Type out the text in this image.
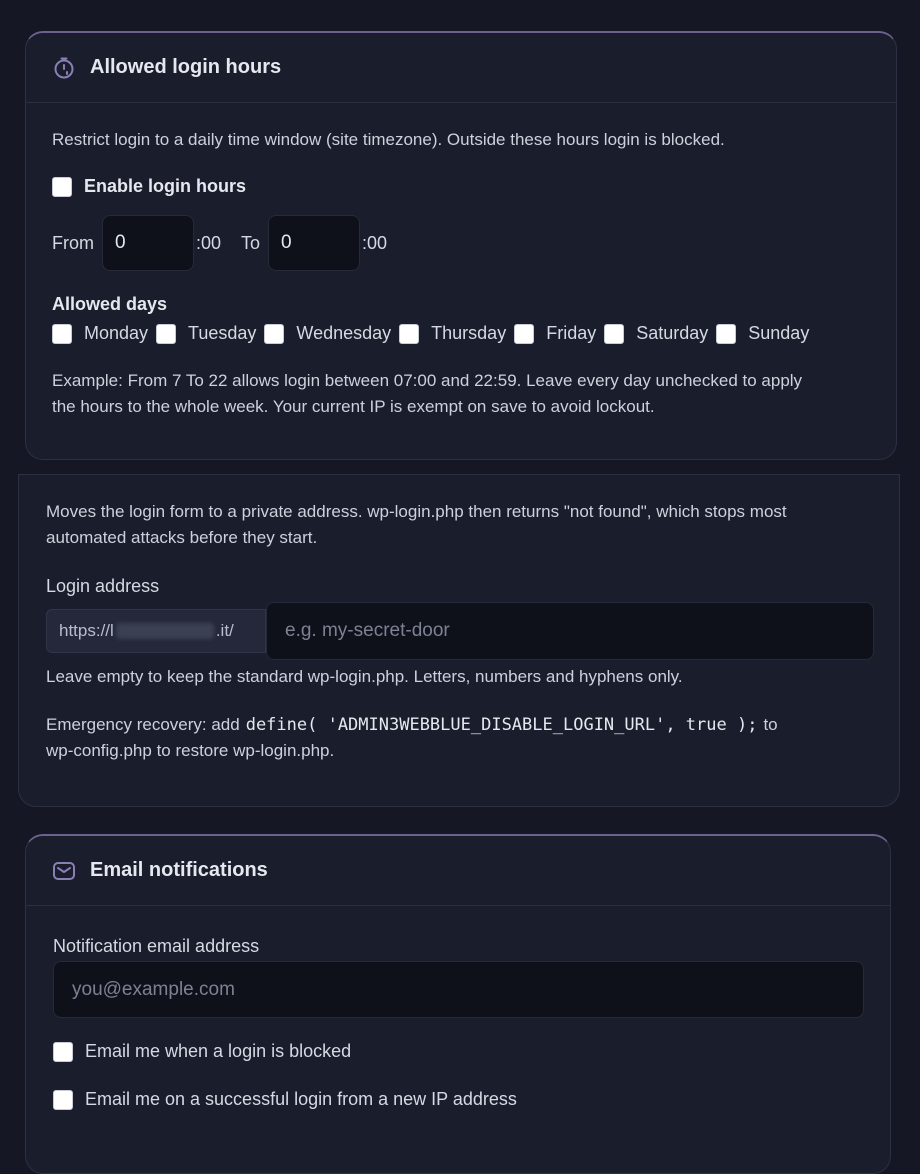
Allowed login hours
Restrict login to a daily time window (site timezone). Outside these hours login is blocked.
Enable login hours
From
0	:00 To
0	:00
Allowed days
Monday Tuesday Wednesday Thursday Friday Saturday Sunday
Example: From 7 To 22 allows login between 07:00 and 22:59. Leave every day unchecked to apply
the hours to the whole week. Your current IP is exempt on save to avoid lockout.
Moves the login form to a private address. wp-login.php then returns "not found", which stops most
automated attacks before they start.
Login address
https://l	.it/
e.g. my-secret-door
Leave empty to keep the standard wp-login.php. Letters, numbers and hyphens only.
Emergency recovery: add define( 'ADMIN3WEBBLUE_DISABLE_LOGIN_URL', true ); to
wp-config.php to restore wp-login.php.
Email notifications
Notification email address
you@example.com
Email me when a login is blocked
Email me on a successful login from a new IP address
